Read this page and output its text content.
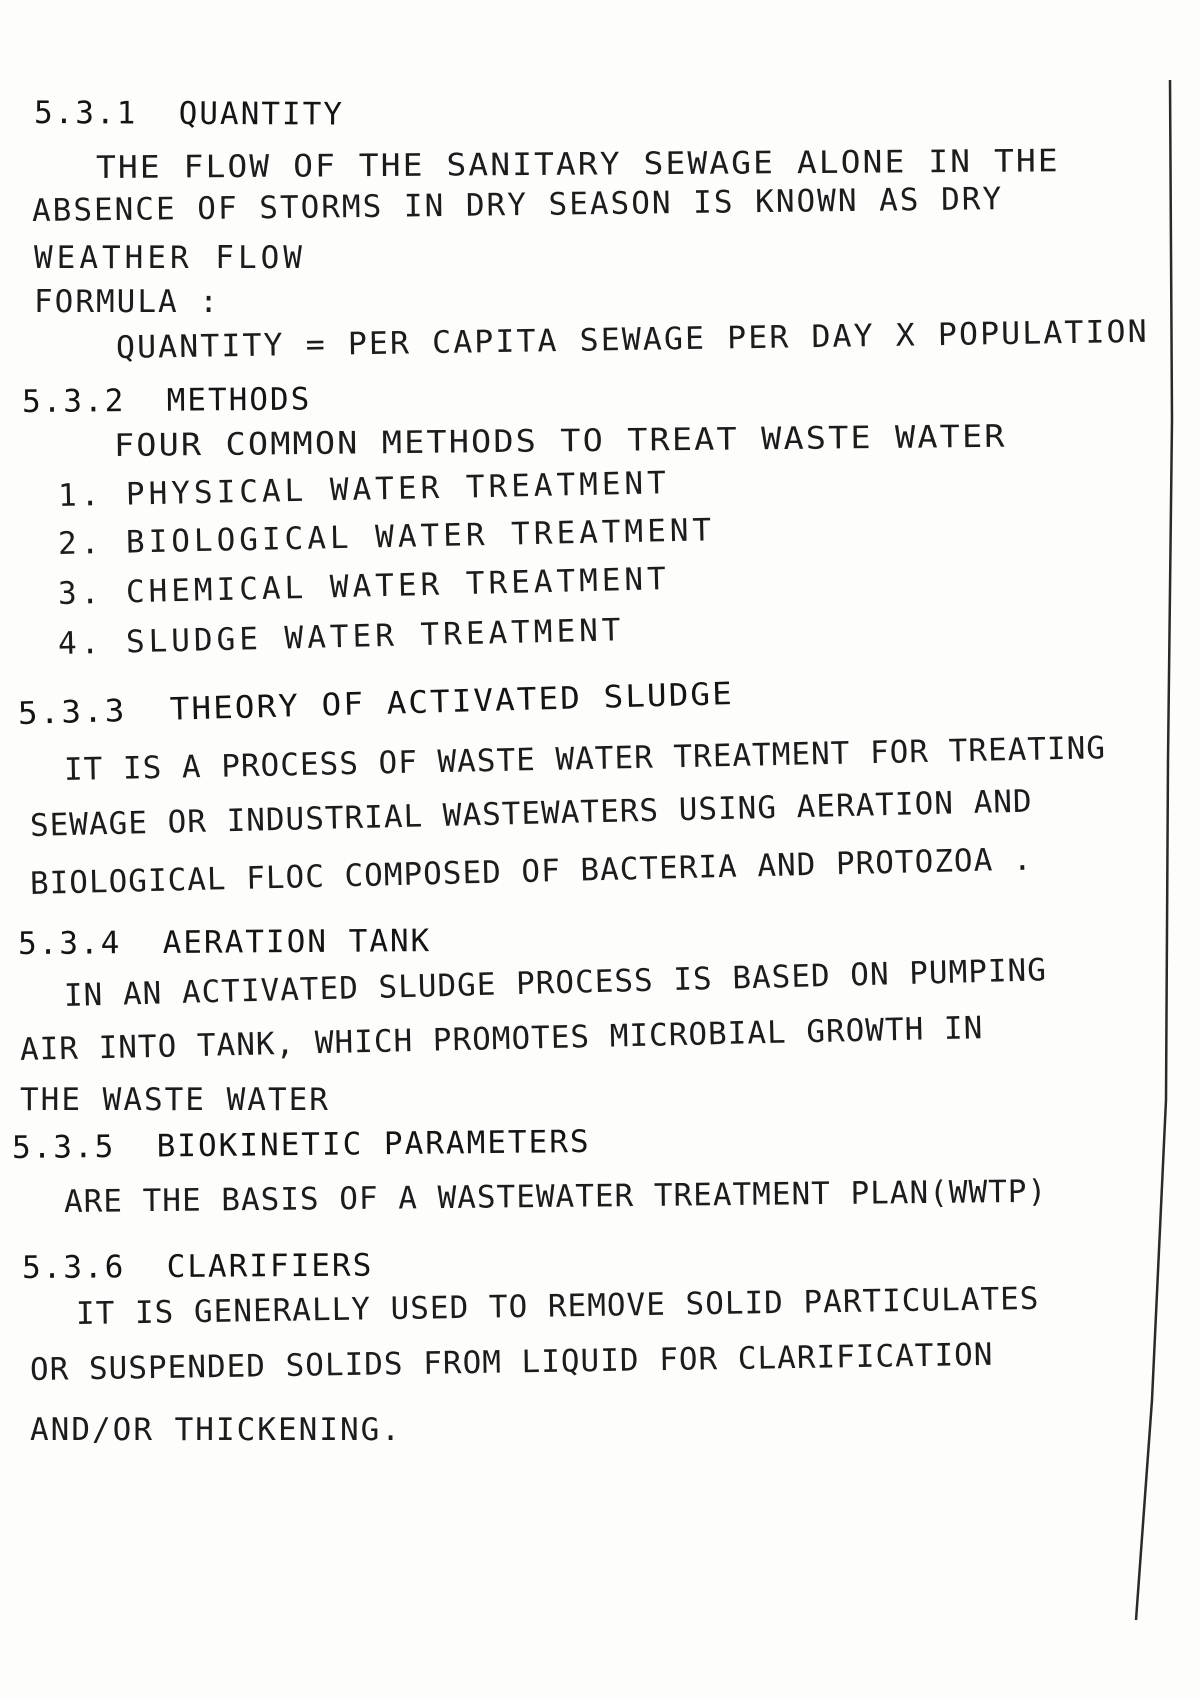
5.3.1 QUANTITY

THE FLOW OF THE SANITARY SEWAGE ALONE IN THE

ABSENCE OF STORMS IN DRY SEASON IS KNOWN AS DRY

WEATHER FLOW

FORMULA :

QUANTITY = PER CAPITA SEWAGE PER DAY X POPULATION

5.3.2 METHODS

FOUR COMMON METHODS TO TREAT WASTE WATER

1. PHYSICAL WATER TREATMENT

2. BIOLOGICAL WATER TREATMENT

3. CHEMICAL WATER TREATMENT

4. SLUDGE WATER TREATMENT

5.3.3 THEORY OF ACTIVATED SLUDGE

IT IS A PROCESS OF WASTE WATER TREATMENT FOR TREATING

SEWAGE OR INDUSTRIAL WASTEWATERS USING AERATION AND

BIOLOGICAL FLOC COMPOSED OF BACTERIA AND PROTOZOA .

5.3.4 AERATION TANK

IN AN ACTIVATED SLUDGE PROCESS IS BASED ON PUMPING

AIR INTO TANK, WHICH PROMOTES MICROBIAL GROWTH IN

THE WASTE WATER

5.3.5 BIOKINETIC PARAMETERS

ARE THE BASIS OF A WASTEWATER TREATMENT PLAN(WWTP)

5.3.6 CLARIFIERS

IT IS GENERALLY USED TO REMOVE SOLID PARTICULATES

OR SUSPENDED SOLIDS FROM LIQUID FOR CLARIFICATION

AND/OR THICKENING.
